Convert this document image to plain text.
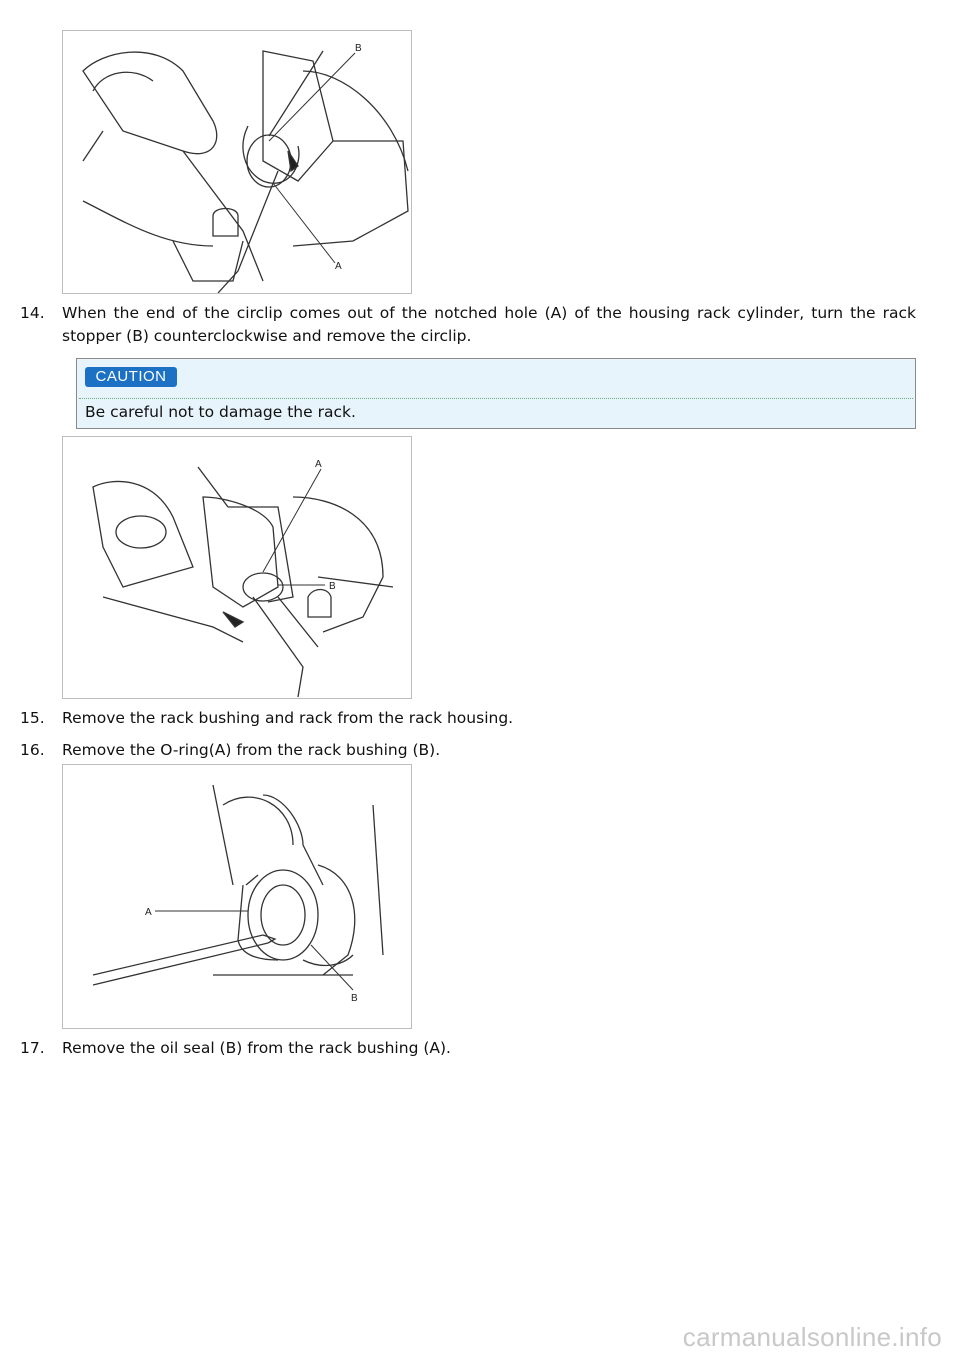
B
A
14.	When the end of the circlip comes out of the notched hole (A) of the housing rack cylinder, turn the rack stopper (B) counterclockwise and remove the circlip.
CAUTION
Be careful not to damage the rack.
A
B
15.	Remove the rack bushing and rack from the rack housing.
16.	Remove the O-ring(A) from the rack bushing (B).
A
B
17.	Remove the oil seal (B) from the rack bushing (A).
carmanualsonline.info
